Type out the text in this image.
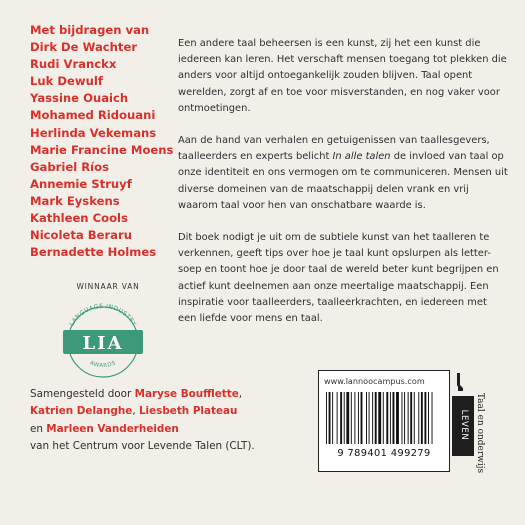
Met bijdragen van
Dirk De Wachter
Rudi Vranckx
Luk Dewulf
Yassine Ouaich
Mohamed Ridouani
Herlinda Vekemans
Marie Francine Moens
Gabriel Ríos
Annemie Struyf
Mark Eyskens
Kathleen Cools
Nicoleta Beraru
Bernadette Holmes

Een andere taal beheersen is een kunst, zij het een kunst die iedereen kan leren. Het verschaft mensen toegang tot plekken die anders voor altijd ontoegankelijk zouden blijven. Taal opent werelden, zorgt af en toe voor misverstanden, en nog vaker voor ontmoetingen.

Aan de hand van verhalen en getuigenissen van taallesgevers, taalleerders en experts belicht In alle talen de invloed van taal op onze identiteit en ons vermogen om te communiceren. Mensen uit diverse domeinen van de maatschappij delen vrank en vrij waarom taal voor hen van onschatbare waarde is.

Dit boek nodigt je uit om de subtiele kunst van het taalleren te verkennen, geeft tips over hoe je taal kunt opslurpen als letter-soep en toont hoe je door taal de wereld beter kunt begrijpen en actief kunt deelnemen aan onze meertalige maatschappij. Een inspiratie voor taalleerders, taalleerkrachten, en iedereen met een liefde voor mens en taal.

WINNAAR VAN
LANGUAGE INDUSTRY
LIA
AWARDS
Samengesteld door Maryse Boufflette,
Katrien Delanghe, Liesbeth Plateau
en Marleen Vanderheiden
van het Centrum voor Levende Talen (CLT).
www.lannoocampus.com
9 789401 499279
LEVEN Taal en onderwijs
